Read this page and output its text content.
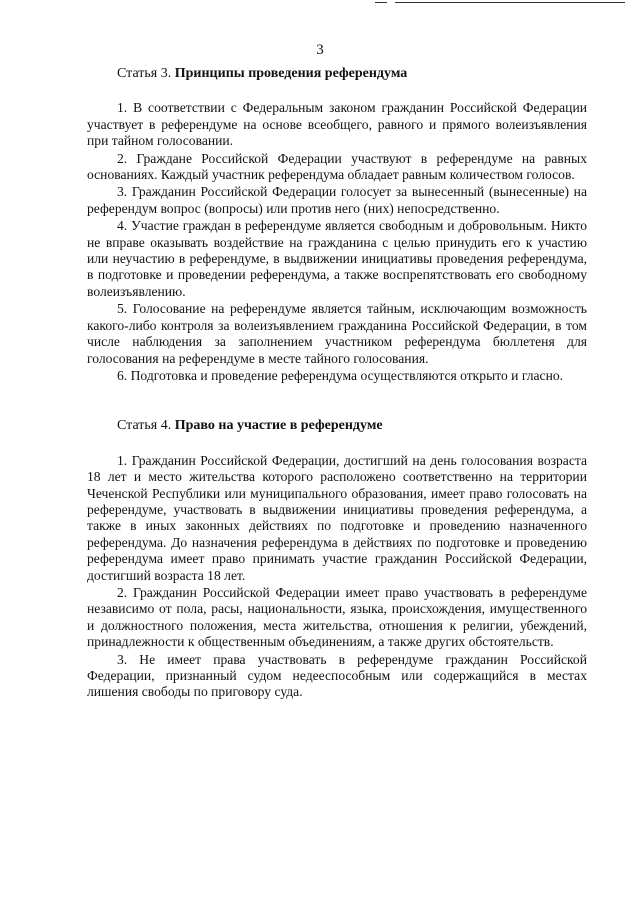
3
Статья 3. Принципы проведения референдума

1. В соответствии с Федеральным законом гражданин Российской Федерации участвует в референдуме на основе всеобщего, равного и прямого волеизъявления при тайном голосовании.

2. Граждане Российской Федерации участвуют в референдуме на равных основаниях. Каждый участник референдума обладает равным количеством голосов.

3. Гражданин Российской Федерации голосует за вынесенный (вынесенные) на референдум вопрос (вопросы) или против него (них) непосредственно.

4. Участие граждан в референдуме является свободным и добровольным. Никто не вправе оказывать воздействие на гражданина с целью принудить его к участию или неучастию в референдуме, в выдвижении инициативы проведения референдума, в подготовке и проведении референдума, а также воспрепятствовать его свободному волеизъявлению.

5. Голосование на референдуме является тайным, исключающим возможность какого-либо контроля за волеизъявлением гражданина Российской Федерации, в том числе наблюдения за заполнением участником референдума бюллетеня для голосования на референдуме в месте тайного голосования.

6. Подготовка и проведение референдума осуществляются открыто и гласно.

Статья 4. Право на участие в референдуме

1. Гражданин Российской Федерации, достигший на день голосования возраста 18 лет и место жительства которого расположено соответственно на территории Чеченской Республики или муниципального образования, имеет право голосовать на референдуме, участвовать в выдвижении инициативы проведения референдума, а также в иных законных действиях по подготовке и проведению назначенного референдума. До назначения референдума в действиях по подготовке и проведению референдума имеет право принимать участие гражданин Российской Федерации, достигший возраста 18 лет.

2. Гражданин Российской Федерации имеет право участвовать в референдуме независимо от пола, расы, национальности, языка, происхождения, имущественного и должностного положения, места жительства, отношения к религии, убеждений, принадлежности к общественным объединениям, а также других обстоятельств.

3. Не имеет права участвовать в референдуме гражданин Российской Федерации, признанный судом недееспособным или содержащийся в местах лишения свободы по приговору суда.
